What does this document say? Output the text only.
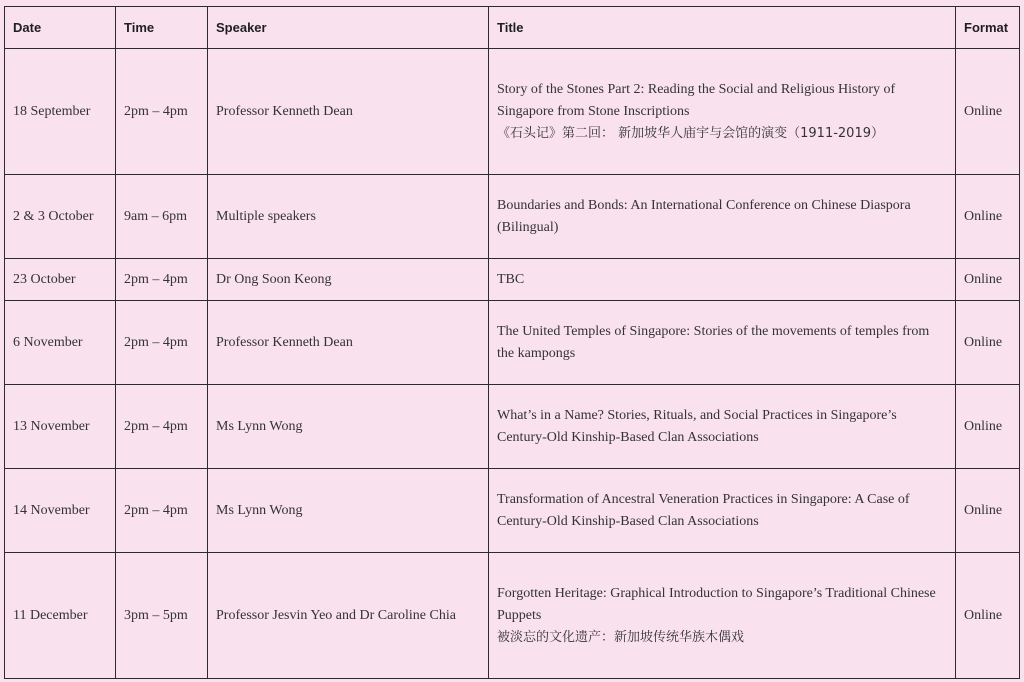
Date	Time	Speaker	Title	Format
18 September	2pm – 4pm	Professor Kenneth Dean	Story of the Stones Part 2: Reading the Social and Religious History of Singapore from Stone Inscriptions
《石头记》第二回： 新加坡华人庙宇与会馆的演变（1911-2019）	Online
2 & 3 October	9am – 6pm	Multiple speakers	Boundaries and Bonds: An International Conference on Chinese Diaspora (Bilingual)	Online
23 October	2pm – 4pm	Dr Ong Soon Keong	TBC	Online
6 November	2pm – 4pm	Professor Kenneth Dean	The United Temples of Singapore: Stories of the movements of temples from the kampongs	Online
13 November	2pm – 4pm	Ms Lynn Wong	What’s in a Name? Stories, Rituals, and Social Practices in Singapore’s Century-Old Kinship-Based Clan Associations	Online
14 November	2pm – 4pm	Ms Lynn Wong	Transformation of Ancestral Veneration Practices in Singapore: A Case of Century-Old Kinship-Based Clan Associations	Online
11 December	3pm – 5pm	Professor Jesvin Yeo and Dr Caroline Chia	Forgotten Heritage: Graphical Introduction to Singapore’s Traditional Chinese Puppets
被淡忘的文化遗产：新加坡传统华族木偶戏	Online
